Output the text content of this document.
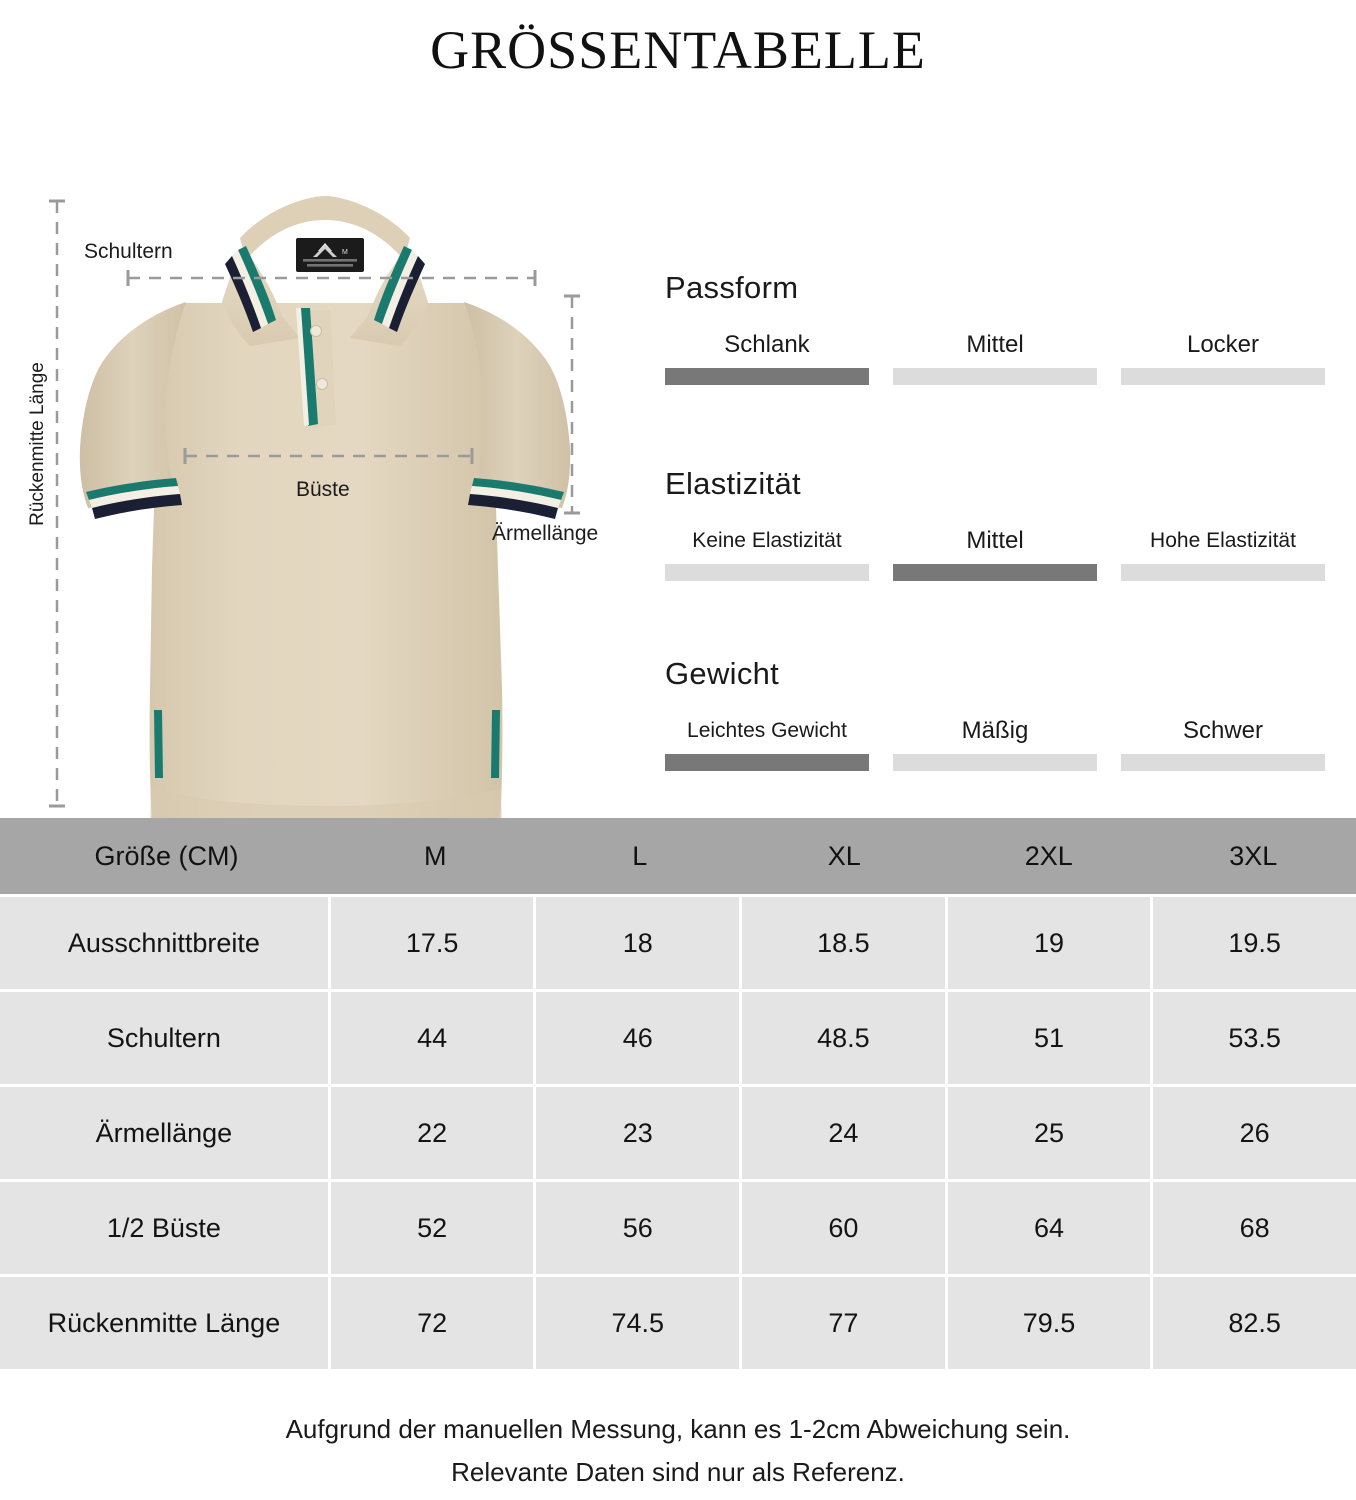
GRÖSSENTABELLE
M
Schultern
Büste
Ärmellänge
Rückenmitte Länge
Passform
Schlank	Mittel	Locker
Elastizität
Keine Elastizität	Mittel	Hohe Elastizität
Gewicht
Leichtes Gewicht	Mäßig	Schwer
Größe (CM)	M	L	XL	2XL	3XL
Ausschnittbreite	17.5	18	18.5	19	19.5
Schultern	44	46	48.5	51	53.5
Ärmellänge	22	23	24	25	26
1/2 Büste	52	56	60	64	68
Rückenmitte Länge	72	74.5	77	79.5	82.5
Aufgrund der manuellen Messung, kann es 1-2cm Abweichung sein.
Relevante Daten sind nur als Referenz.
